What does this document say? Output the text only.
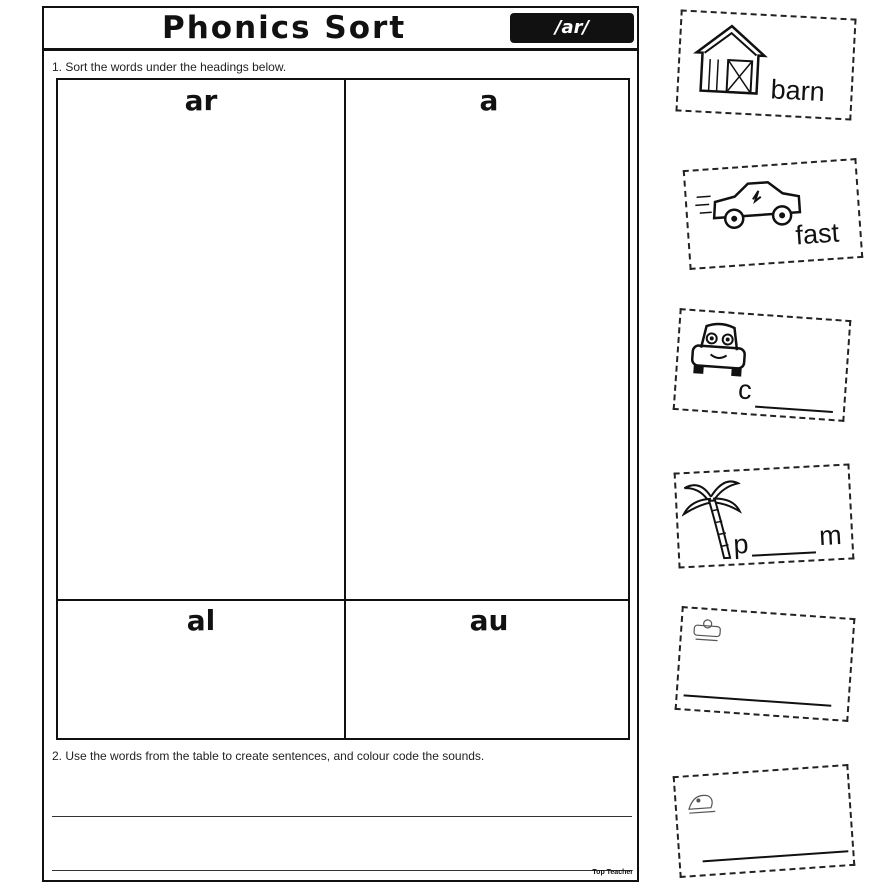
Phonics Sort	/ar/
1. Sort the words under the headings below.
ar	a
al	au
2. Use the words from the table to create sentences, and colour code the sounds.
Top Teacher
barn
fast
c
p	m
